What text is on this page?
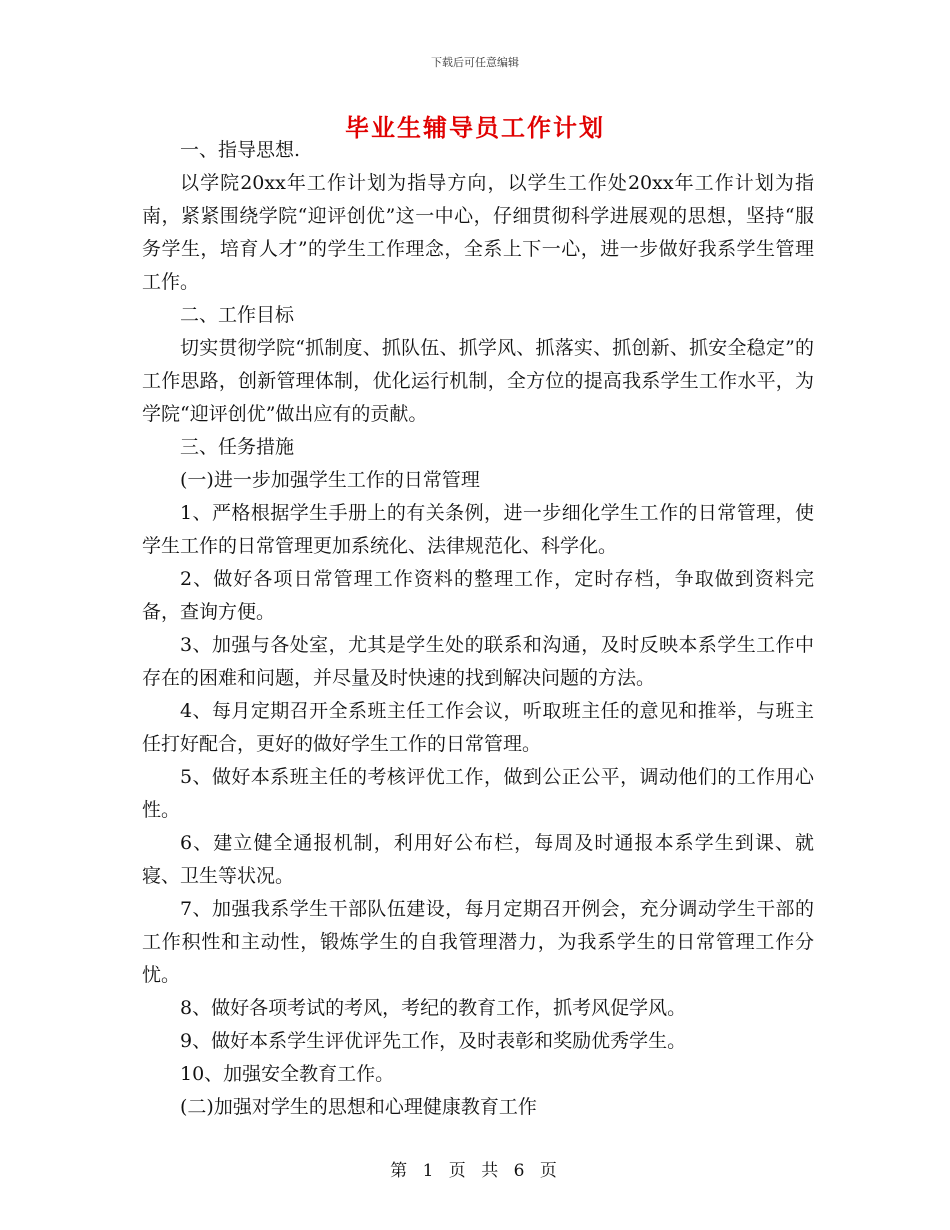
下载后可任意编辑
毕业生辅导员工作计划

一、指导思想.

以学院20xx年工作计划为指导方向，以学生工作处20xx年工作计划为指南，紧紧围绕学院“迎评创优”这一中心，仔细贯彻科学进展观的思想，坚持“服务学生，培育人才”的学生工作理念，全系上下一心，进一步做好我系学生管理工作。

二、工作目标

切实贯彻学院“抓制度、抓队伍、抓学风、抓落实、抓创新、抓安全稳定”的工作思路，创新管理体制，优化运行机制，全方位的提高我系学生工作水平，为学院“迎评创优”做出应有的贡献。

三、任务措施

(一)进一步加强学生工作的日常管理

1、严格根据学生手册上的有关条例，进一步细化学生工作的日常管理，使学生工作的日常管理更加系统化、法律规范化、科学化。

2、做好各项日常管理工作资料的整理工作，定时存档，争取做到资料完备，查询方便。

3、加强与各处室，尤其是学生处的联系和沟通，及时反映本系学生工作中存在的困难和问题，并尽量及时快速的找到解决问题的方法。

4、每月定期召开全系班主任工作会议，听取班主任的意见和推举，与班主任打好配合，更好的做好学生工作的日常管理。

5、做好本系班主任的考核评优工作，做到公正公平，调动他们的工作用心性。

6、建立健全通报机制，利用好公布栏，每周及时通报本系学生到课、就寝、卫生等状况。

7、加强我系学生干部队伍建设，每月定期召开例会，充分调动学生干部的工作积性和主动性，锻炼学生的自我管理潜力，为我系学生的日常管理工作分忧。

8、做好各项考试的考风，考纪的教育工作，抓考风促学风。

9、做好本系学生评优评先工作，及时表彰和奖励优秀学生。

10、加强安全教育工作。

(二)加强对学生的思想和心理健康教育工作

第 1 页 共 6 页
